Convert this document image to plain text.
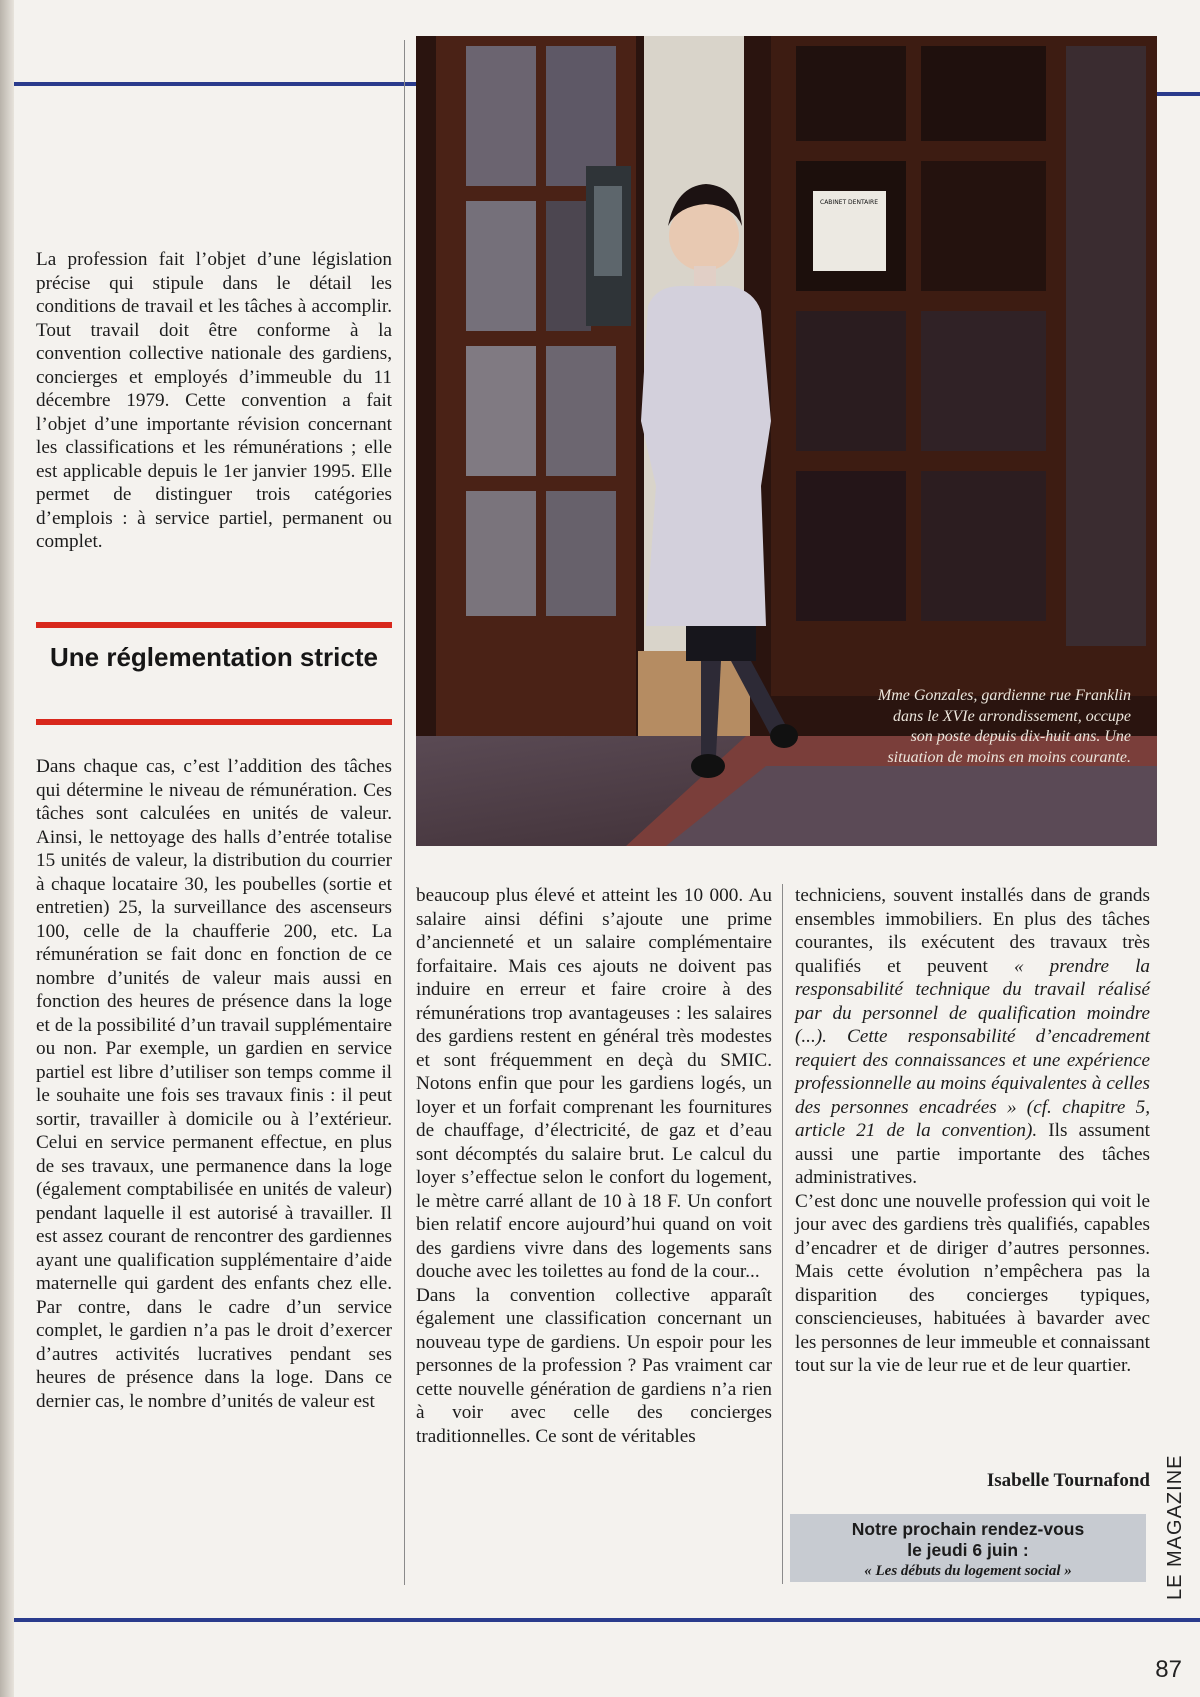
La profession fait l’objet d’une législation précise qui stipule dans le détail les conditions de travail et les tâches à accomplir. Tout travail doit être conforme à la convention collective nationale des gardiens, concierges et employés d’immeuble du 11 décembre 1979. Cette convention a fait l’objet d’une importante révision concernant les classifications et les rémunérations ; elle est applicable depuis le 1er janvier 1995. Elle permet de distinguer trois catégories d’emplois : à service partiel, permanent ou complet.

Une réglementation stricte

Dans chaque cas, c’est l’addition des tâches qui détermine le niveau de rémunération. Ces tâches sont calculées en unités de valeur. Ainsi, le nettoyage des halls d’entrée totalise 15 unités de valeur, la distribution du courrier à chaque locataire 30, les poubelles (sortie et entretien) 25, la surveillance des ascenseurs 100, celle de la chaufferie 200, etc. La rémunération se fait donc en fonction de ce nombre d’unités de valeur mais aussi en fonction des heures de présence dans la loge et de la possibilité d’un travail supplémentaire ou non. Par exemple, un gardien en service partiel est libre d’utiliser son temps comme il le souhaite une fois ses travaux finis : il peut sortir, travailler à domicile ou à l’extérieur. Celui en service permanent effectue, en plus de ses travaux, une permanence dans la loge (également comptabilisée en unités de valeur) pendant laquelle il est autorisé à travailler. Il est assez courant de rencontrer des gardiennes ayant une qualification supplémentaire d’aide maternelle qui gardent des enfants chez elle. Par contre, dans le cadre d’un service complet, le gardien n’a pas le droit d’exercer d’autres activités lucratives pendant ses heures de présence dans la loge. Dans ce dernier cas, le nombre d’unités de valeur est

CABINET DENTAIRE
Mme Gonzales, gardienne rue Franklin dans le XVIe arrondissement, occupe son poste depuis dix-huit ans. Une situation de moins en moins courante.

beaucoup plus élevé et atteint les 10 000. Au salaire ainsi défini s’ajoute une prime d’ancienneté et un salaire complémentaire forfaitaire. Mais ces ajouts ne doivent pas induire en erreur et faire croire à des rémunérations trop avantageuses : les salaires des gardiens restent en général très modestes et sont fréquemment en deçà du SMIC. Notons enfin que pour les gardiens logés, un loyer et un forfait comprenant les fournitures de chauffage, d’électricité, de gaz et d’eau sont décomptés du salaire brut. Le calcul du loyer s’effectue selon le confort du logement, le mètre carré allant de 10 à 18 F. Un confort bien relatif encore aujourd’hui quand on voit des gardiens vivre dans des logements sans douche avec les toilettes au fond de la cour...

Dans la convention collective apparaît également une classification concernant un nouveau type de gardiens. Un espoir pour les personnes de la profession ? Pas vraiment car cette nouvelle génération de gardiens n’a rien à voir avec celle des concierges traditionnelles. Ce sont de véritables

techniciens, souvent installés dans de grands ensembles immobiliers. En plus des tâches courantes, ils exécutent des travaux très qualifiés et peuvent « prendre la responsabilité technique du travail réalisé par du personnel de qualification moindre (...). Cette responsabilité d’encadrement requiert des connaissances et une expérience professionnelle au moins équivalentes à celles des personnes encadrées » (cf. chapitre 5, article 21 de la convention). Ils assument aussi une partie importante des tâches administratives.

C’est donc une nouvelle profession qui voit le jour avec des gardiens très qualifiés, capables d’encadrer et de diriger d’autres personnes. Mais cette évolution n’empêchera pas la disparition des concierges typiques, consciencieuses, habituées à bavarder avec les personnes de leur immeuble et connaissant tout sur la vie de leur rue et de leur quartier.

Isabelle Tournafond
Notre prochain rendez-vous
le jeudi 6 juin :
« Les débuts du logement social »	LE MAGAZINE
87
